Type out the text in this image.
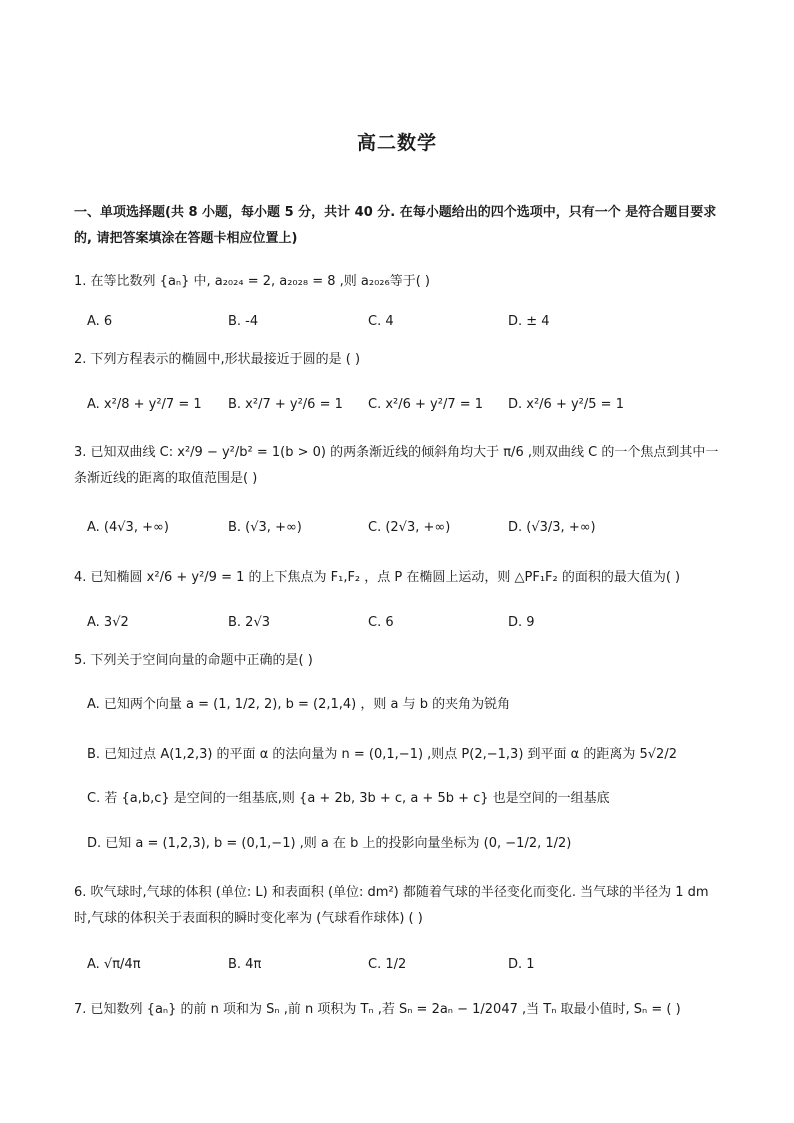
高二数学
一、单项选择题(共 8 小题，每小题 5 分，共计 40 分. 在每小题给出的四个选项中，只有一个 是符合题目要求的, 请把答案填涂在答题卡相应位置上)
1. 在等比数列 {aₙ} 中, a₂₀₂₄ = 2, a₂₀₂₈ = 8 ,则 a₂₀₂₆等于( )
A. 6	B. -4	C. 4	D. ± 4
2. 下列方程表示的椭圆中,形状最接近于圆的是 ( )
A. x²/8 + y²/7 = 1 B. x²/7 + y²/6 = 1 C. x²/6 + y²/7 = 1 D. x²/6 + y²/5 = 1
3. 已知双曲线 C: x²/9 − y²/b² = 1(b > 0) 的两条渐近线的倾斜角均大于 π/6 ,则双曲线 C 的一个焦点到其中一条渐近线的距离的取值范围是( )
A. (4√3, +∞)	B. (√3, +∞)	C. (2√3, +∞)	D. (√3/3, +∞)
4. 已知椭圆 x²/6 + y²/9 = 1 的上下焦点为 F₁,F₂ ，点 P 在椭圆上运动，则 △PF₁F₂ 的面积的最大值为( )
A. 3√2	B. 2√3	C. 6	D. 9
5. 下列关于空间向量的命题中正确的是( )
A. 已知两个向量 a = (1, 1/2, 2), b = (2,1,4) ，则 a 与 b 的夹角为锐角
B. 已知过点 A(1,2,3) 的平面 α 的法向量为 n = (0,1,−1) ,则点 P(2,−1,3) 到平面 α 的距离为 5√2/2
C. 若 {a,b,c} 是空间的一组基底,则 {a + 2b, 3b + c, a + 5b + c} 也是空间的一组基底
D. 已知 a = (1,2,3), b = (0,1,−1) ,则 a 在 b 上的投影向量坐标为 (0, −1/2, 1/2)
6. 吹气球时,气球的体积 (单位: L) 和表面积 (单位: dm²) 都随着气球的半径变化而变化. 当气球的半径为 1 dm 时,气球的体积关于表面积的瞬时变化率为 (气球看作球体) ( )
A. √π/4π	B. 4π	C. 1/2	D. 1
7. 已知数列 {aₙ} 的前 n 项和为 Sₙ ,前 n 项积为 Tₙ ,若 Sₙ = 2aₙ − 1/2047 ,当 Tₙ 取最小值时, Sₙ = ( )
